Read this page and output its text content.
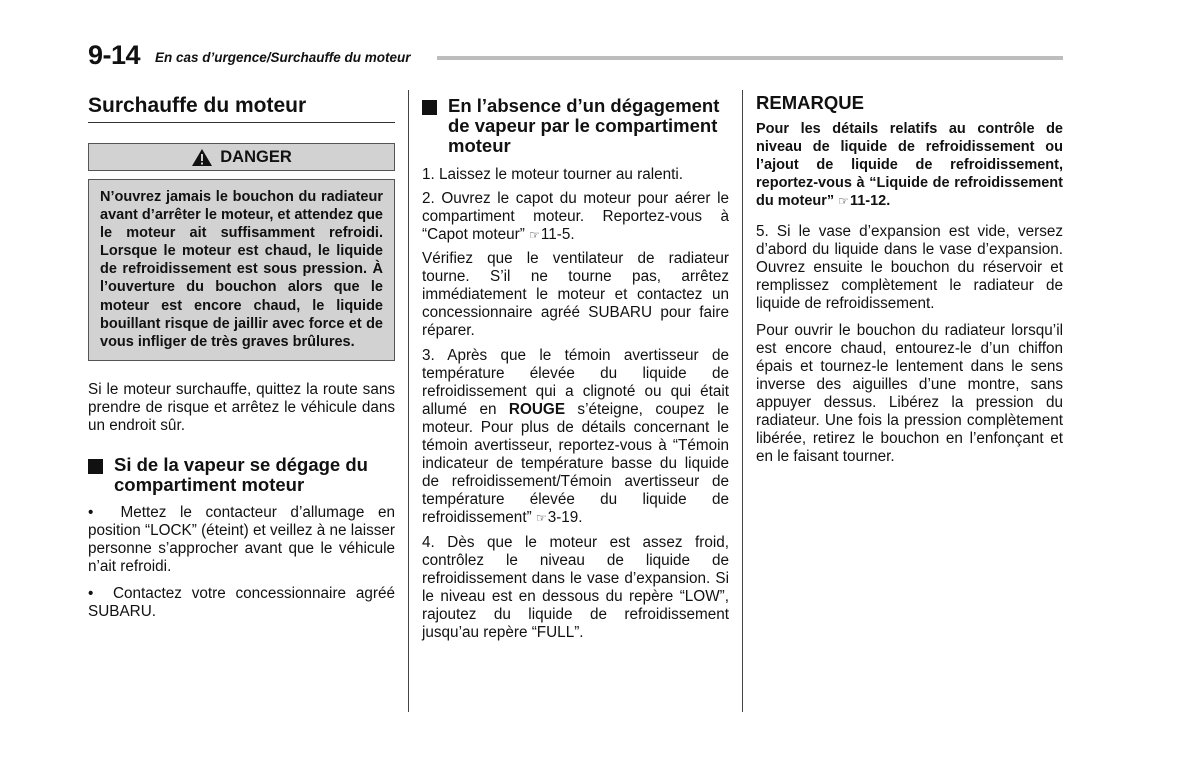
9-14 En cas d’urgence/Surchauffe du moteur
Surchauffe du moteur
DANGER
N’ouvrez jamais le bouchon du radiateur avant d’arrêter le moteur, et attendez que le moteur ait suffisamment refroidi. Lorsque le moteur est chaud, le liquide de refroidissement est sous pression. À l’ouverture du bouchon alors que le moteur est encore chaud, le liquide bouillant risque de jaillir avec force et de vous infliger de très graves brûlures.

Si le moteur surchauffe, quittez la route sans prendre de risque et arrêtez le véhicule dans un endroit sûr.

Si de la vapeur se dégage du compartiment moteur

•  Mettez le contacteur d’allumage en position “LOCK” (éteint) et veillez à ne laisser personne s’approcher avant que le véhicule n’ait refroidi.

•  Contactez votre concessionnaire agréé SUBARU.

En l’absence d’un dégagement de vapeur par le compartiment moteur

1. Laissez le moteur tourner au ralenti.

2. Ouvrez le capot du moteur pour aérer le compartiment moteur. Reportez-vous à “Capot moteur” ☞11-5.

Vérifiez que le ventilateur de radiateur tourne. S’il ne tourne pas, arrêtez immédiatement le moteur et contactez un concessionnaire agréé SUBARU pour faire réparer.

3. Après que le témoin avertisseur de température élevée du liquide de refroidissement qui a clignoté ou qui était allumé en ROUGE s’éteigne, coupez le moteur. Pour plus de détails concernant le témoin avertisseur, reportez-vous à “Témoin indicateur de température basse du liquide de refroidissement/Témoin avertisseur de température élevée du liquide de refroidissement” ☞3-19.

4. Dès que le moteur est assez froid, contrôlez le niveau de liquide de refroidissement dans le vase d’expansion. Si le niveau est en dessous du repère “LOW”, rajoutez du liquide de refroidissement jusqu’au repère “FULL”.

REMARQUE
Pour les détails relatifs au contrôle de niveau de liquide de refroidissement ou l’ajout de liquide de refroidissement, reportez-vous à “Liquide de refroidissement du moteur” ☞11-12.

5. Si le vase d’expansion est vide, versez d’abord du liquide dans le vase d’expansion. Ouvrez ensuite le bouchon du réservoir et remplissez complètement le radiateur de liquide de refroidissement.

Pour ouvrir le bouchon du radiateur lorsqu’il est encore chaud, entourez-le d’un chiffon épais et tournez-le lentement dans le sens inverse des aiguilles d’une montre, sans appuyer dessus. Libérez la pression du radiateur. Une fois la pression complètement libérée, retirez le bouchon en l’enfonçant et en le faisant tourner.
